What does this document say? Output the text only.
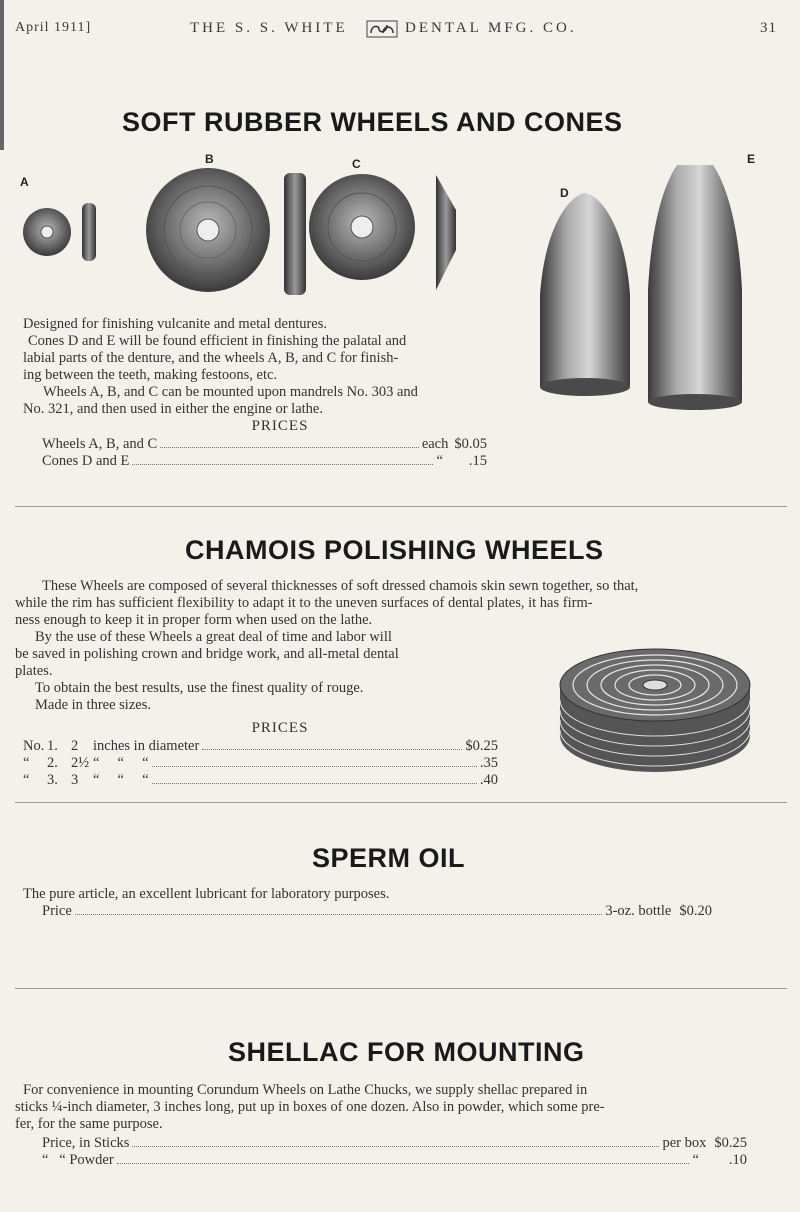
April 1911]	THE S. S. WHITE	DENTAL MFG. CO.	31
SOFT RUBBER WHEELS AND CONES
A
B	C
D
E
Designed for finishing vulcanite and metal dentures.
Cones D and E will be found efficient in finishing the palatal and
labial parts of the denture, and the wheels A, B, and C for finish-
ing between the teeth, making festoons, etc.
Wheels A, B, and C can be mounted upon mandrels No. 303 and
No. 321, and then used in either the engine or lathe.
PRICES
Wheels A, B, and C	each $0.05
Cones D and E	“ .15
CHAMOIS POLISHING WHEELS
These Wheels are composed of several thicknesses of soft dressed chamois skin sewn together, so that,
while the rim has sufficient flexibility to adapt it to the uneven surfaces of dental plates, it has firm-
ness enough to keep it in proper form when used on the lathe.
By the use of these Wheels a great deal of time and labor will
be saved in polishing crown and bridge work, and all-metal dental
plates.
To obtain the best results, use the finest quality of rouge.
Made in three sizes.
PRICES
No. 1. 2	inches in diameter	$0.25
“	2. 2½ “     “     “	.35
“	3. 3	“     “     “	.40
SPERM OIL
The pure article, an excellent lubricant for laboratory purposes.
Price	3-oz. bottle $0.20
SHELLAC FOR MOUNTING
For convenience in mounting Corundum Wheels on Lathe Chucks, we supply shellac prepared in
sticks ¼-inch diameter, 3 inches long, put up in boxes of one dozen. Also in powder, which some pre-
fer, for the same purpose.
Price, in Sticks	per box $0.25
“   “ Powder	“ .10
